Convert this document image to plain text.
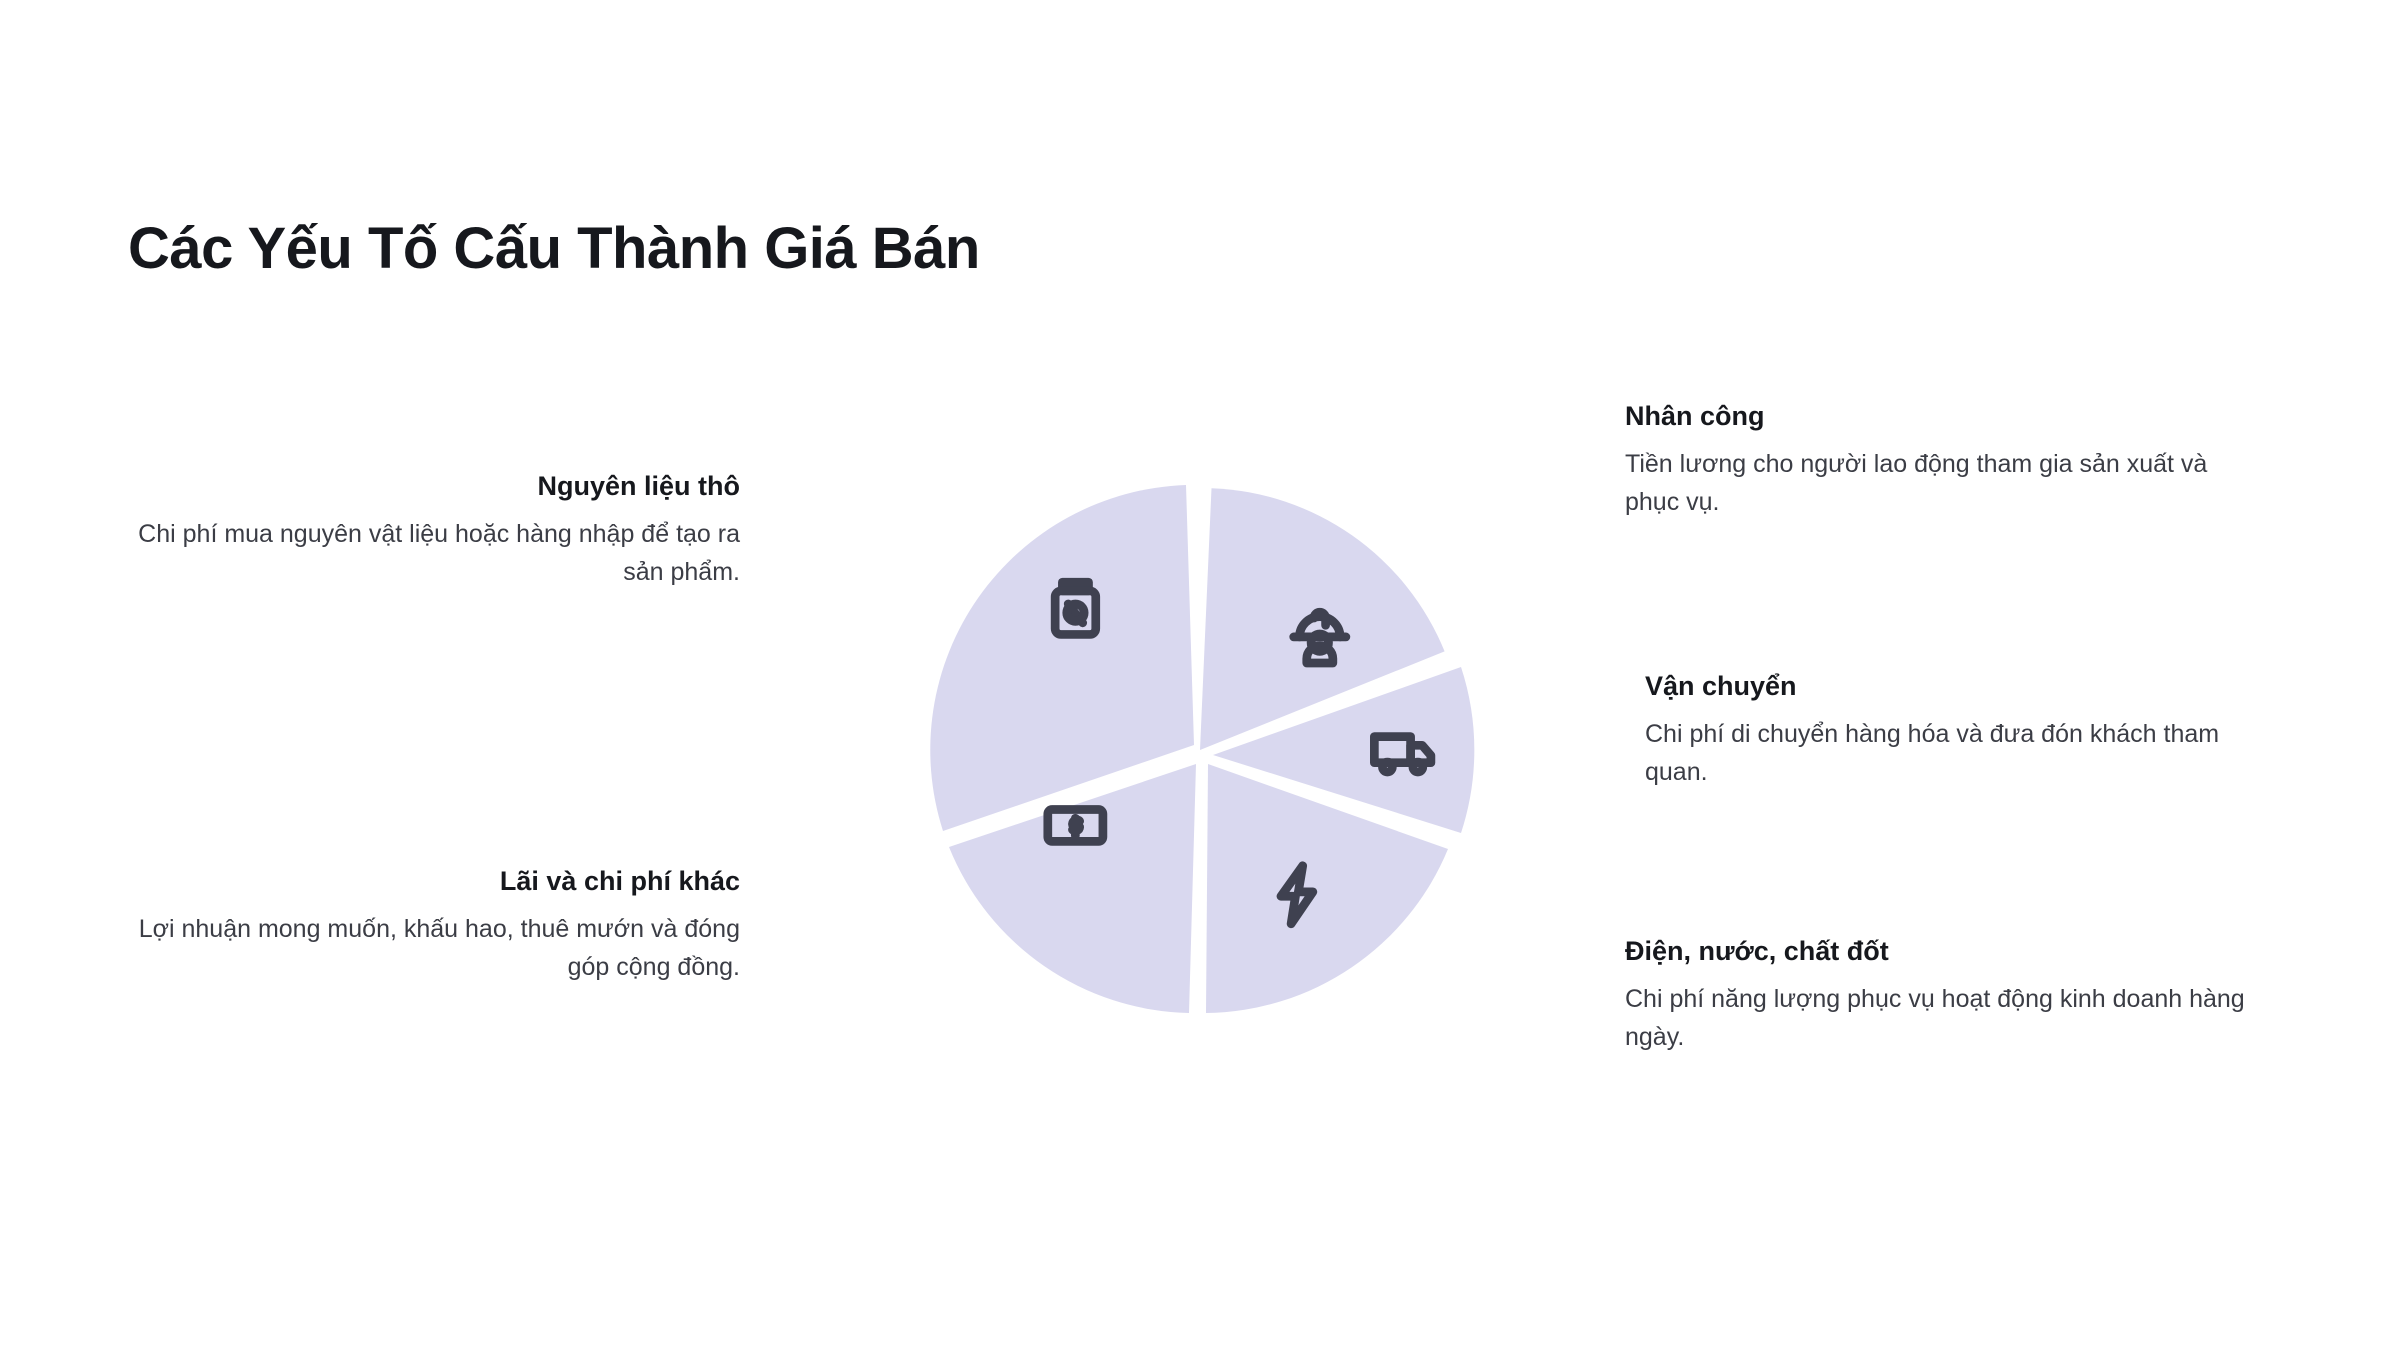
Các Yếu Tố Cấu Thành Giá Bán

Nguyên liệu thô

Chi phí mua nguyên vật liệu hoặc hàng nhập để tạo ra sản phẩm.

Lãi và chi phí khác

Lợi nhuận mong muốn, khấu hao, thuê mướn và đóng góp cộng đồng.

Nhân công

Tiền lương cho người lao động tham gia sản xuất và phục vụ.

Vận chuyển

Chi phí di chuyển hàng hóa và đưa đón khách tham quan.

Điện, nước, chất đốt

Chi phí năng lượng phục vụ hoạt động kinh doanh hàng ngày.
